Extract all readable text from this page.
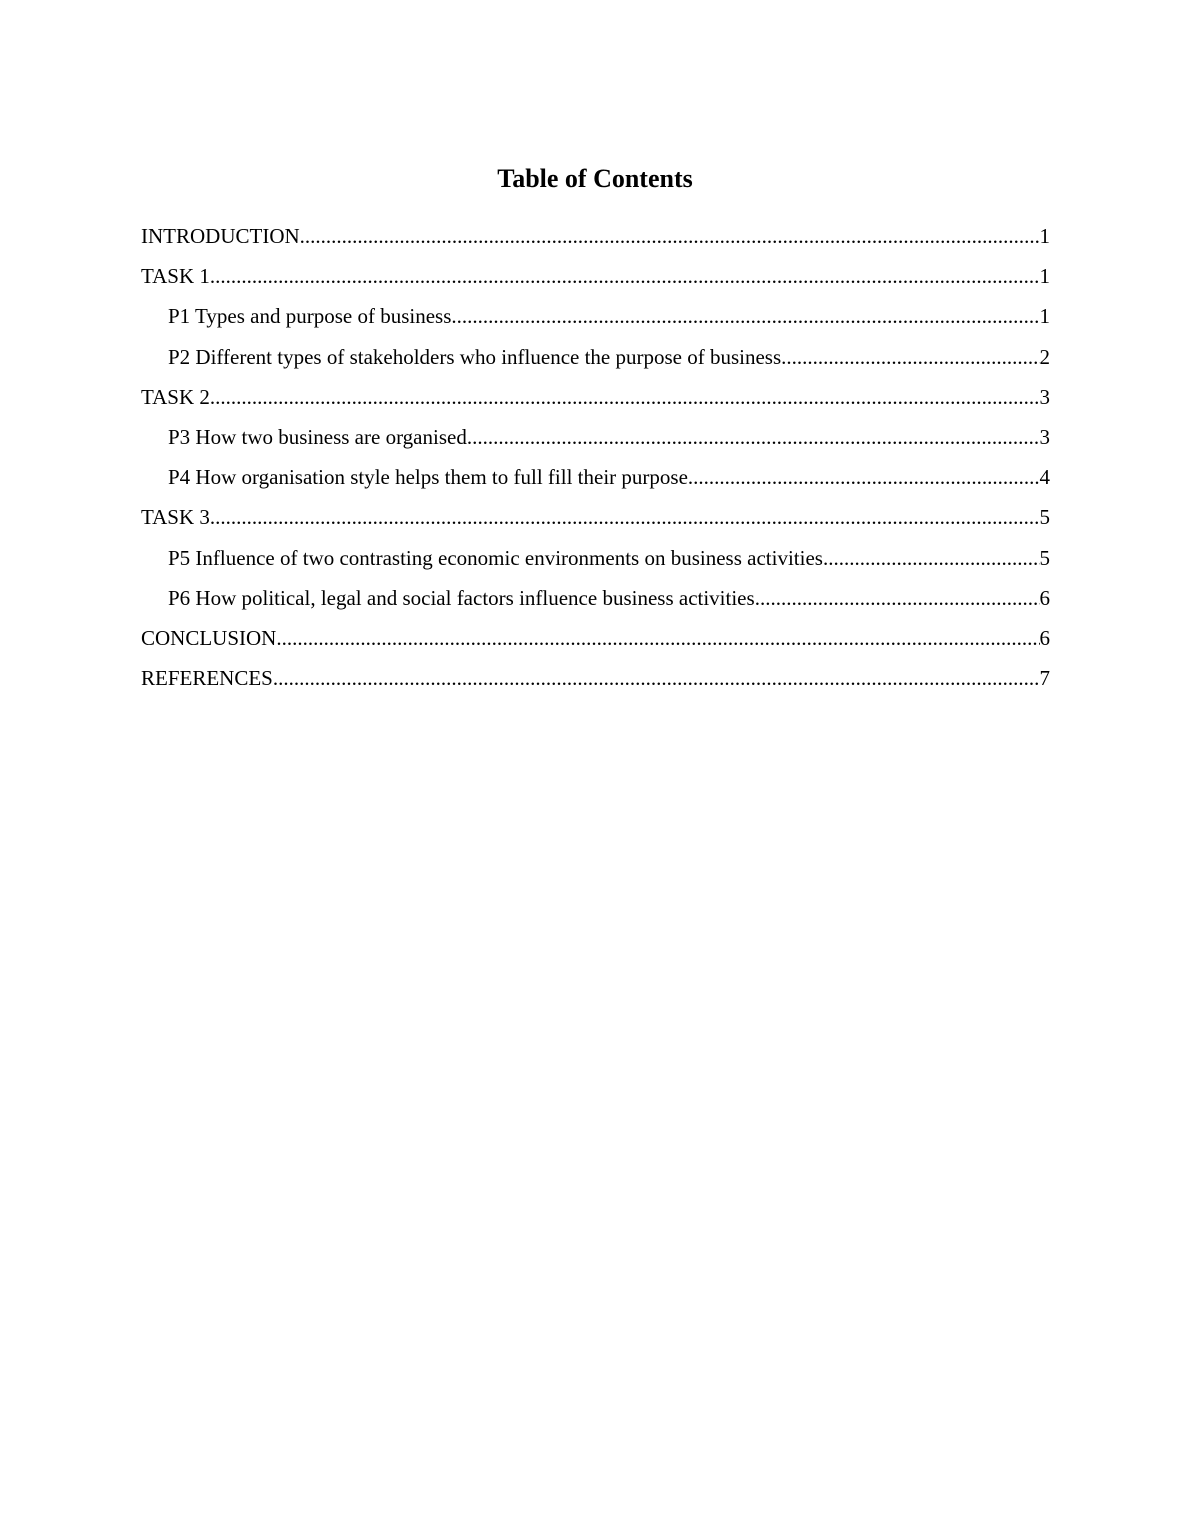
Table of Contents
INTRODUCTION .....	1
TASK 1 .....	1
P1 Types and purpose of business .....	1
P2 Different types of stakeholders who influence the purpose of business .....	2
TASK 2 .....	3
P3 How two business are organised .....	3
P4 How organisation style helps them to full fill their purpose .....	4
TASK 3 .....	5
P5 Influence of two contrasting economic environments on business activities .....	5
P6 How political, legal and social factors influence business activities .....	6
CONCLUSION .....	6
REFERENCES .....	7
